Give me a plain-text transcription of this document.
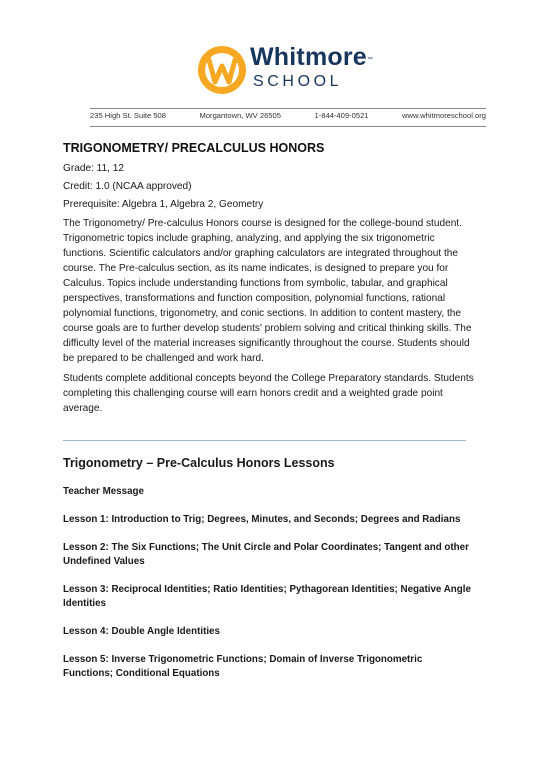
Whitmore™
SCHOOL
235 High St. Suite 508	Morgantown, WV 26505	1-844-409-0521	www.whitmoreschool.org
TRIGONOMETRY/ PRECALCULUS HONORS
Grade: 11, 12
Credit: 1.0 (NCAA approved)
Prerequisite: Algebra 1, Algebra 2, Geometry

The Trigonometry/ Pre-calculus Honors course is designed for the college-bound student. Trigonometric topics include graphing, analyzing, and applying the six trigonometric functions. Scientific calculators and/or graphing calculators are integrated throughout the course. The Pre-calculus section, as its name indicates, is designed to prepare you for Calculus. Topics include understanding functions from symbolic, tabular, and graphical perspectives, transformations and function composition, polynomial functions, rational polynomial functions, trigonometry, and conic sections. In addition to content mastery, the course goals are to further develop students' problem solving and critical thinking skills. The difficulty level of the material increases significantly throughout the course. Students should be prepared to be challenged and work hard.

Students complete additional concepts beyond the College Preparatory standards. Students completing this challenging course will earn honors credit and a weighted grade point average.

Trigonometry – Pre-Calculus Honors Lessons
Teacher Message
Lesson 1: Introduction to Trig; Degrees, Minutes, and Seconds; Degrees and Radians
Lesson 2: The Six Functions; The Unit Circle and Polar Coordinates; Tangent and other Undefined Values
Lesson 3: Reciprocal Identities; Ratio Identities; Pythagorean Identities; Negative Angle Identities
Lesson 4: Double Angle Identities
Lesson 5: Inverse Trigonometric Functions; Domain of Inverse Trigonometric Functions; Conditional Equations
